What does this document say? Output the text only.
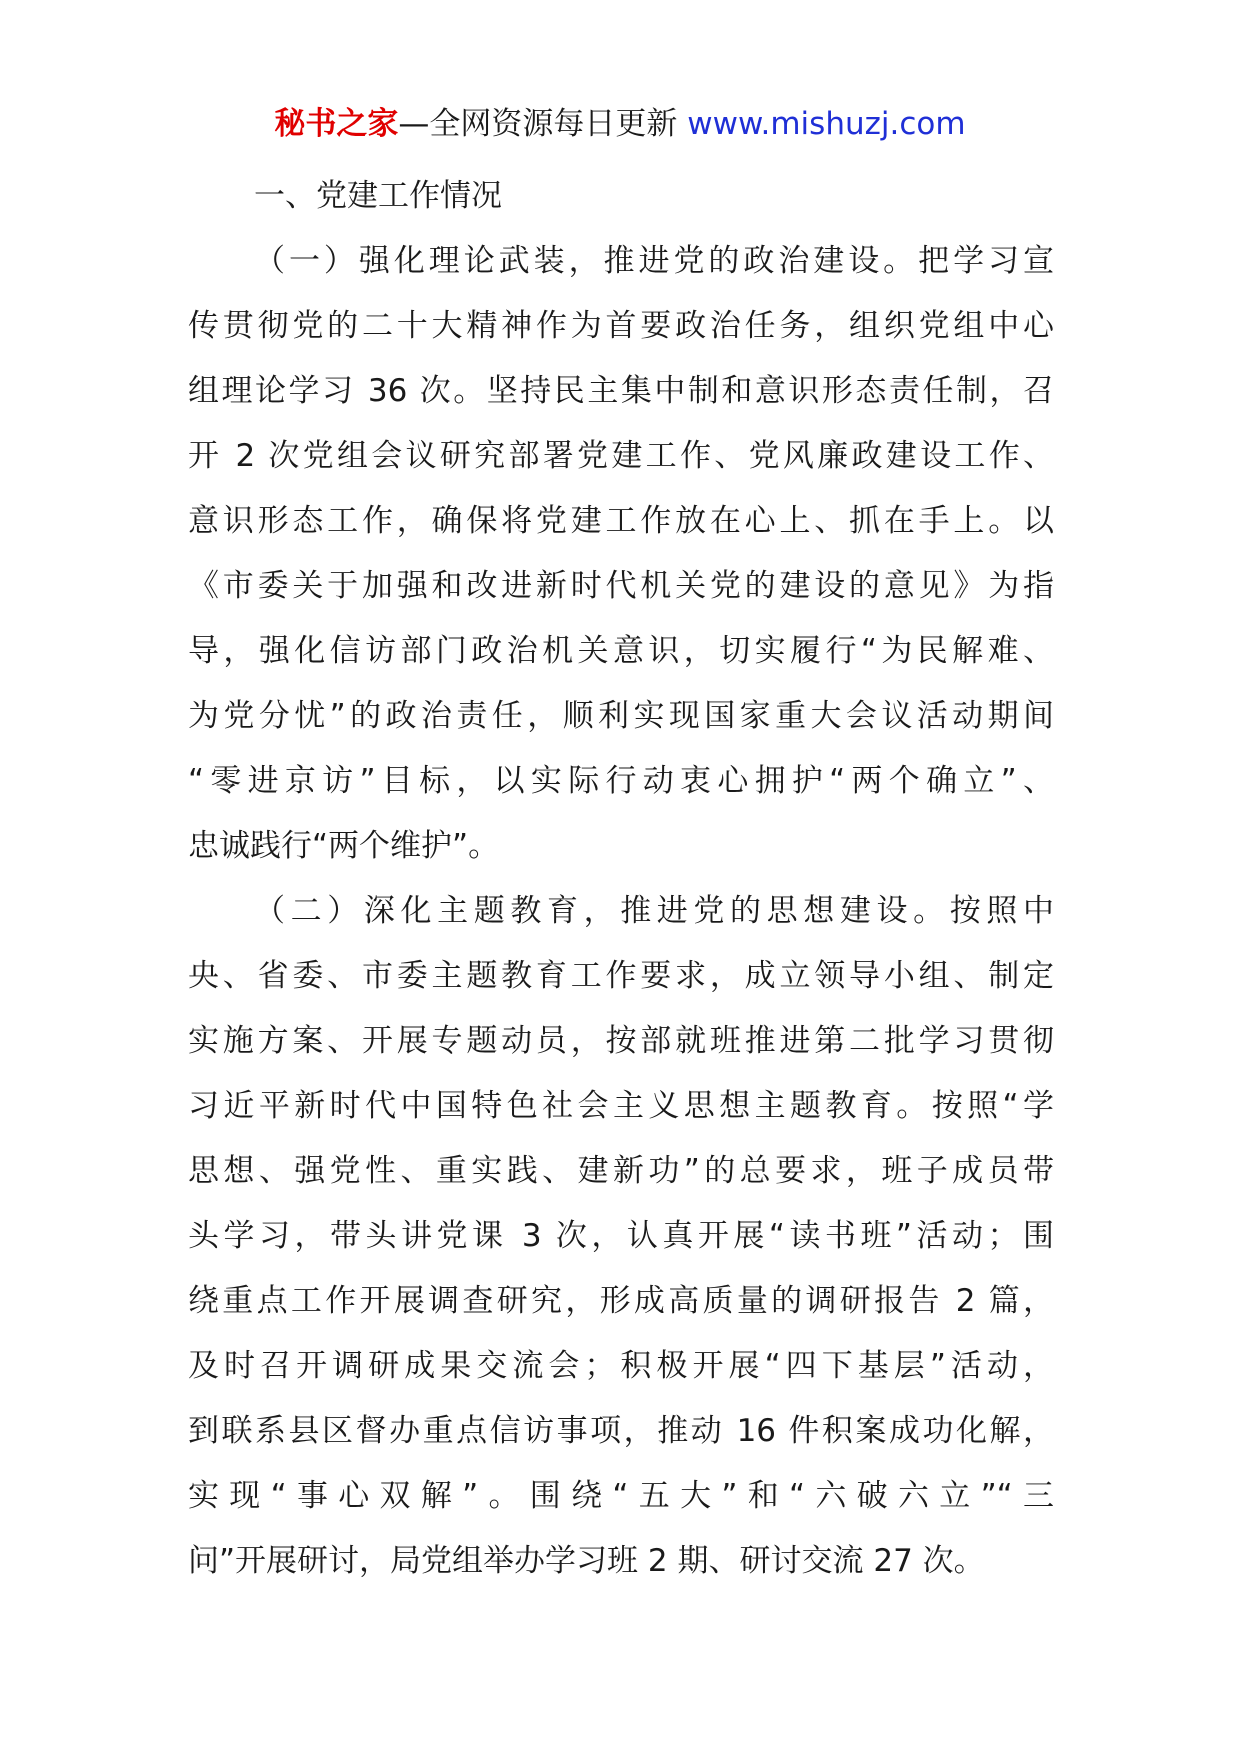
秘书之家—全网资源每日更新 www.mishuzj.com
一、党建工作情况
（一）强化理论武装，推进党的政治建设。把学习宣
传贯彻党的二十大精神作为首要政治任务，组织党组中心
组理论学习 36 次。坚持民主集中制和意识形态责任制，召
开 2 次党组会议研究部署党建工作、党风廉政建设工作、
意识形态工作，确保将党建工作放在心上、抓在手上。以
《市委关于加强和改进新时代机关党的建设的意见》为指
导，强化信访部门政治机关意识，切实履行“为民解难、
为党分忧”的政治责任，顺利实现国家重大会议活动期间
“零进京访”目标，以实际行动衷心拥护“两个确立”、
忠诚践行“两个维护”。
（二）深化主题教育，推进党的思想建设。按照中
央、省委、市委主题教育工作要求，成立领导小组、制定
实施方案、开展专题动员，按部就班推进第二批学习贯彻
习近平新时代中国特色社会主义思想主题教育。按照“学
思想、强党性、重实践、建新功”的总要求，班子成员带
头学习，带头讲党课 3 次，认真开展“读书班”活动；围
绕重点工作开展调查研究，形成高质量的调研报告 2 篇，
及时召开调研成果交流会；积极开展“四下基层”活动，
到联系县区督办重点信访事项，推动 16 件积案成功化解，
实现“事心双解”。围绕“五大”和“六破六立”“三
问”开展研讨，局党组举办学习班 2 期、研讨交流 27 次。
